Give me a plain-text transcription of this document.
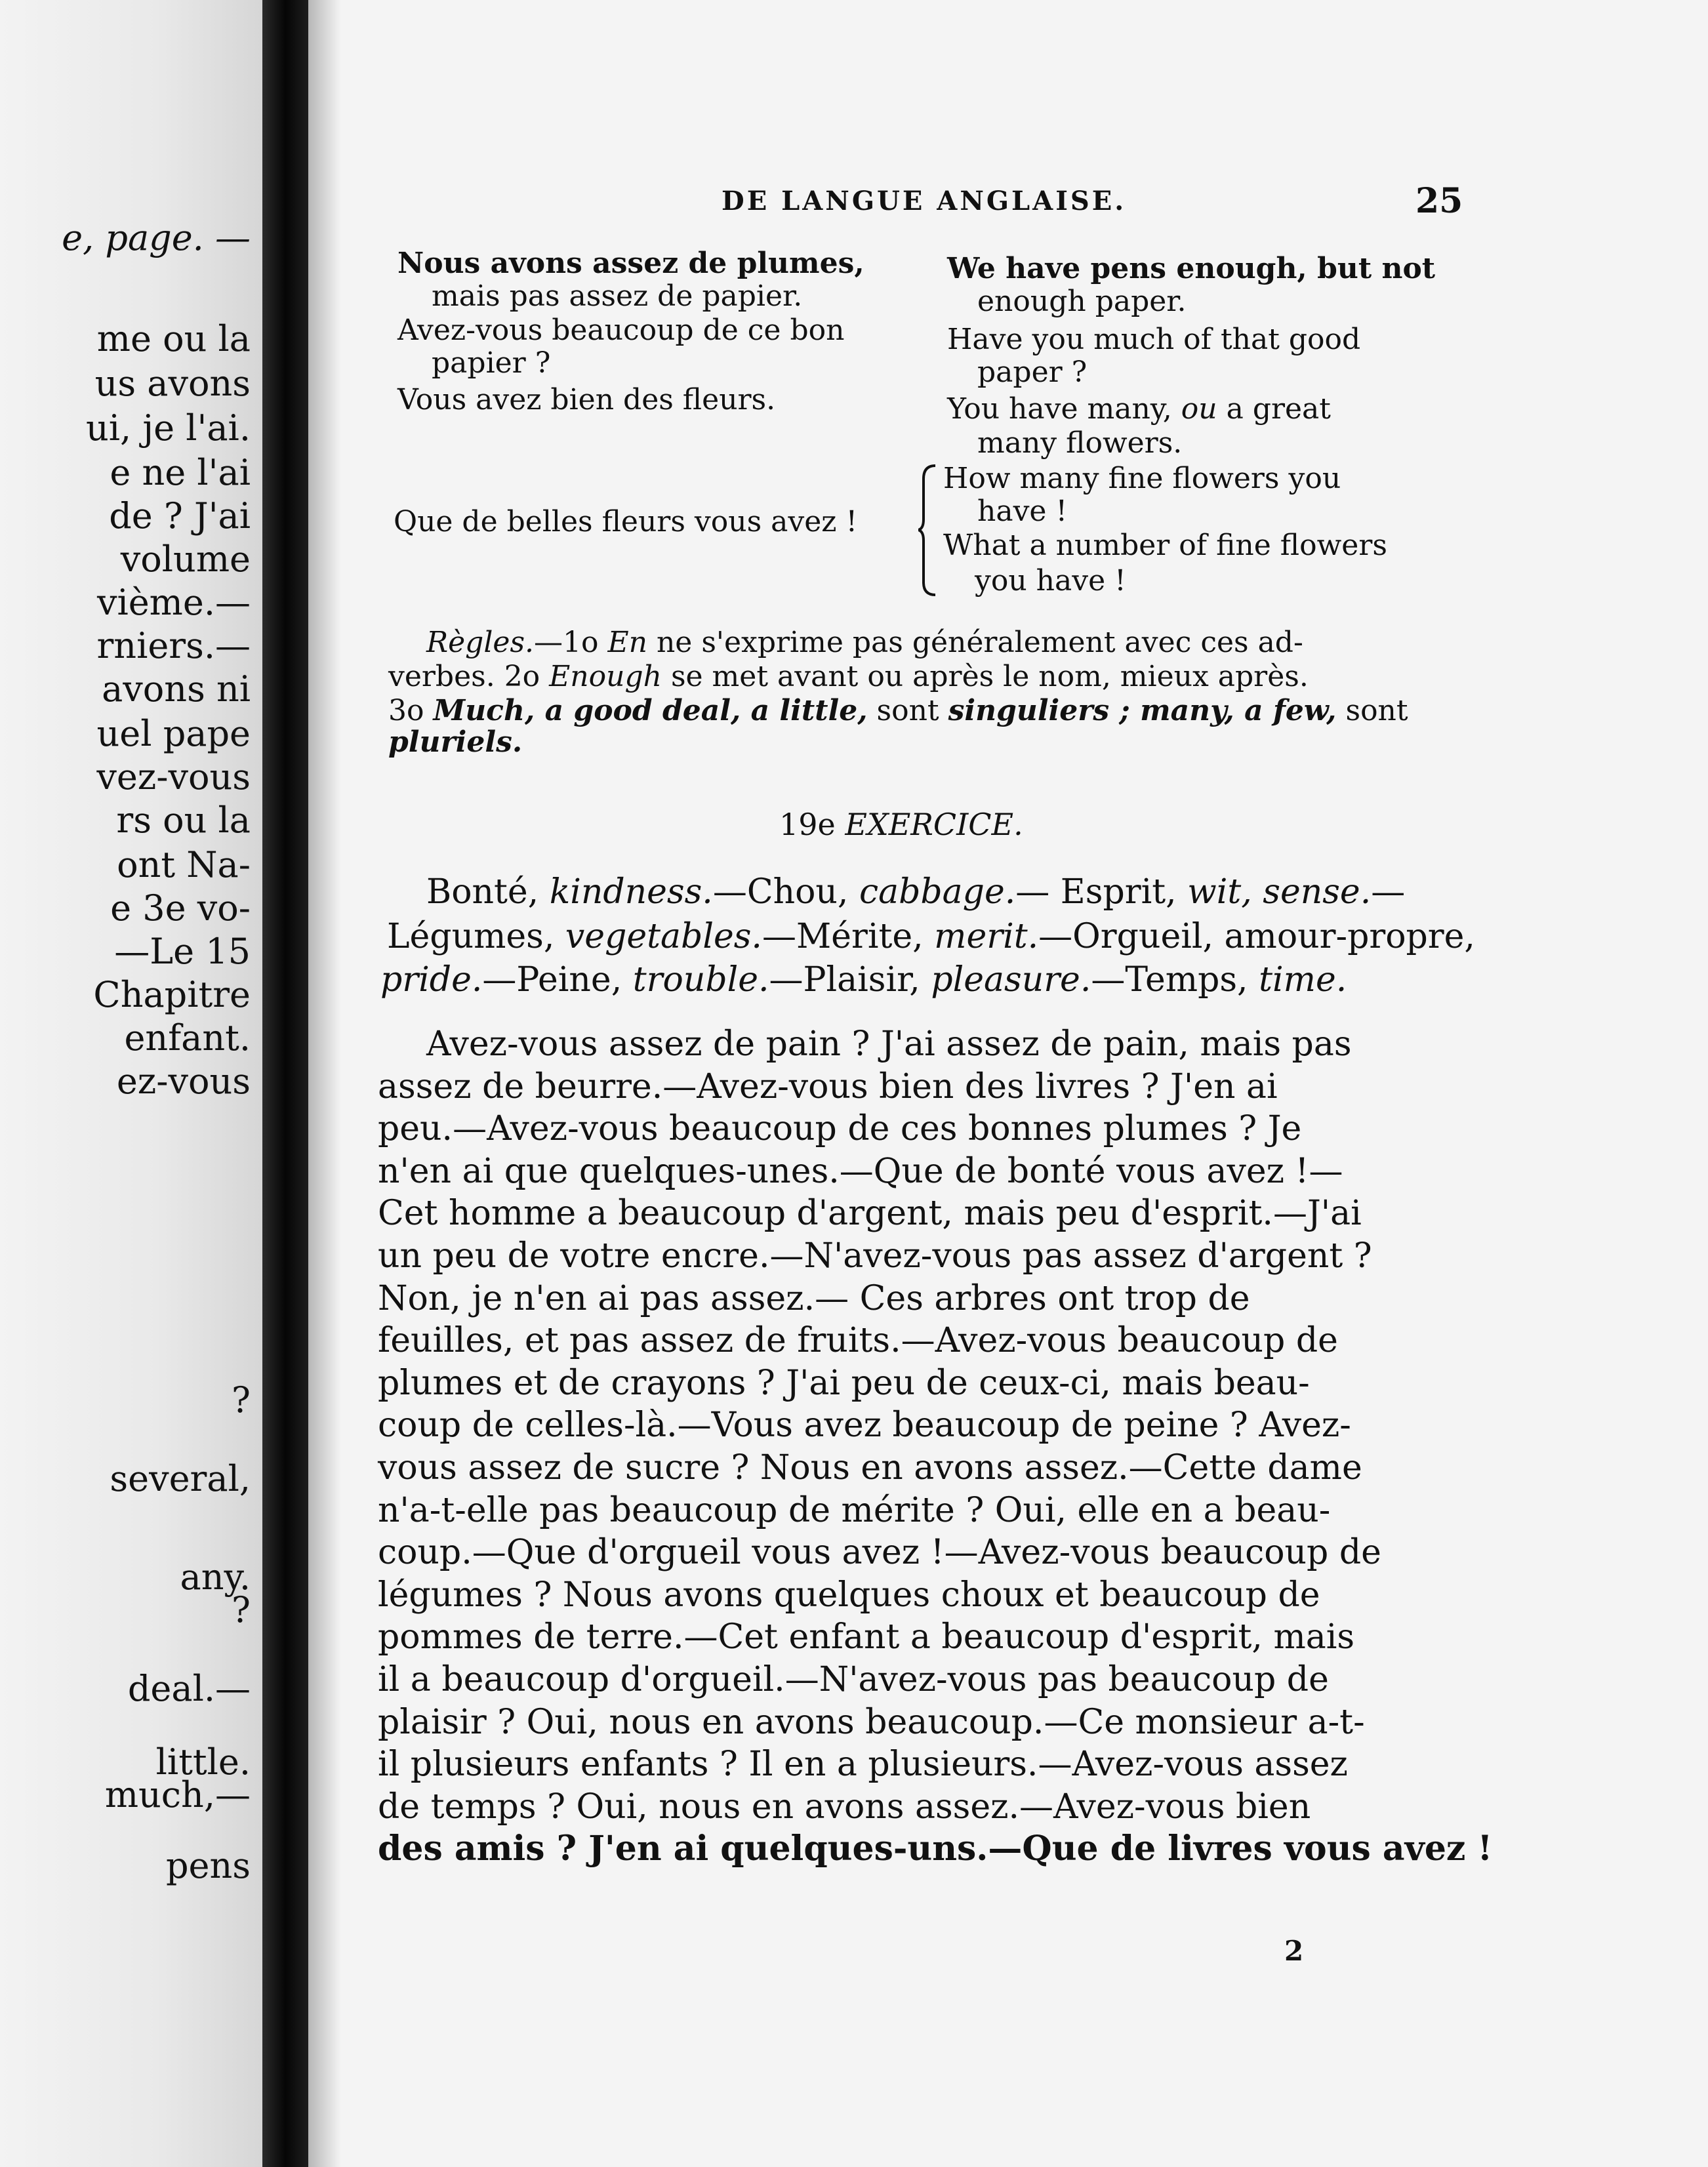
e, page. —
me ou la
us avons
ui, je l'ai.
e ne l'ai
de ? J'ai
volume
vième.—
rniers.—
avons ni
uel pape
vez-vous
rs ou la
ont Na-
e 3e vo-
—Le 15
Chapitre
enfant.
ez-vous
?
several,
any.
?
deal.—
little.
much,—
pens
DE LANGUE ANGLAISE.	25
Nous avons assez de plumes,
mais pas assez de papier.
Avez-vous beaucoup de ce bon
papier ?
Vous avez bien des fleurs.
Que de belles fleurs vous avez !
We have pens enough, but not
enough paper.
Have you much of that good
paper ?
You have many, ou a great
many flowers.
How many fine flowers you
have !
What a number of fine flowers
you have !
Règles.—1o En ne s'exprime pas généralement avec ces ad-
verbes. 2o Enough se met avant ou après le nom, mieux après.
3o Much, a good deal, a little, sont singuliers ; many, a few, sont
pluriels.
19e EXERCICE.
Bonté, kindness.—Chou, cabbage.— Esprit, wit, sense.—
Légumes, vegetables.—Mérite, merit.—Orgueil, amour-propre,
pride.—Peine, trouble.—Plaisir, pleasure.—Temps, time.
Avez-vous assez de pain ? J'ai assez de pain, mais pas
assez de beurre.—Avez-vous bien des livres ? J'en ai
peu.—Avez-vous beaucoup de ces bonnes plumes ? Je
n'en ai que quelques-unes.—Que de bonté vous avez !—
Cet homme a beaucoup d'argent, mais peu d'esprit.—J'ai
un peu de votre encre.—N'avez-vous pas assez d'argent ?
Non, je n'en ai pas assez.— Ces arbres ont trop de
feuilles, et pas assez de fruits.—Avez-vous beaucoup de
plumes et de crayons ? J'ai peu de ceux-ci, mais beau-
coup de celles-là.—Vous avez beaucoup de peine ? Avez-
vous assez de sucre ? Nous en avons assez.—Cette dame
n'a-t-elle pas beaucoup de mérite ? Oui, elle en a beau-
coup.—Que d'orgueil vous avez !—Avez-vous beaucoup de
légumes ? Nous avons quelques choux et beaucoup de
pommes de terre.—Cet enfant a beaucoup d'esprit, mais
il a beaucoup d'orgueil.—N'avez-vous pas beaucoup de
plaisir ? Oui, nous en avons beaucoup.—Ce monsieur a-t-
il plusieurs enfants ? Il en a plusieurs.—Avez-vous assez
de temps ? Oui, nous en avons assez.—Avez-vous bien
des amis ? J'en ai quelques-uns.—Que de livres vous avez !
2
